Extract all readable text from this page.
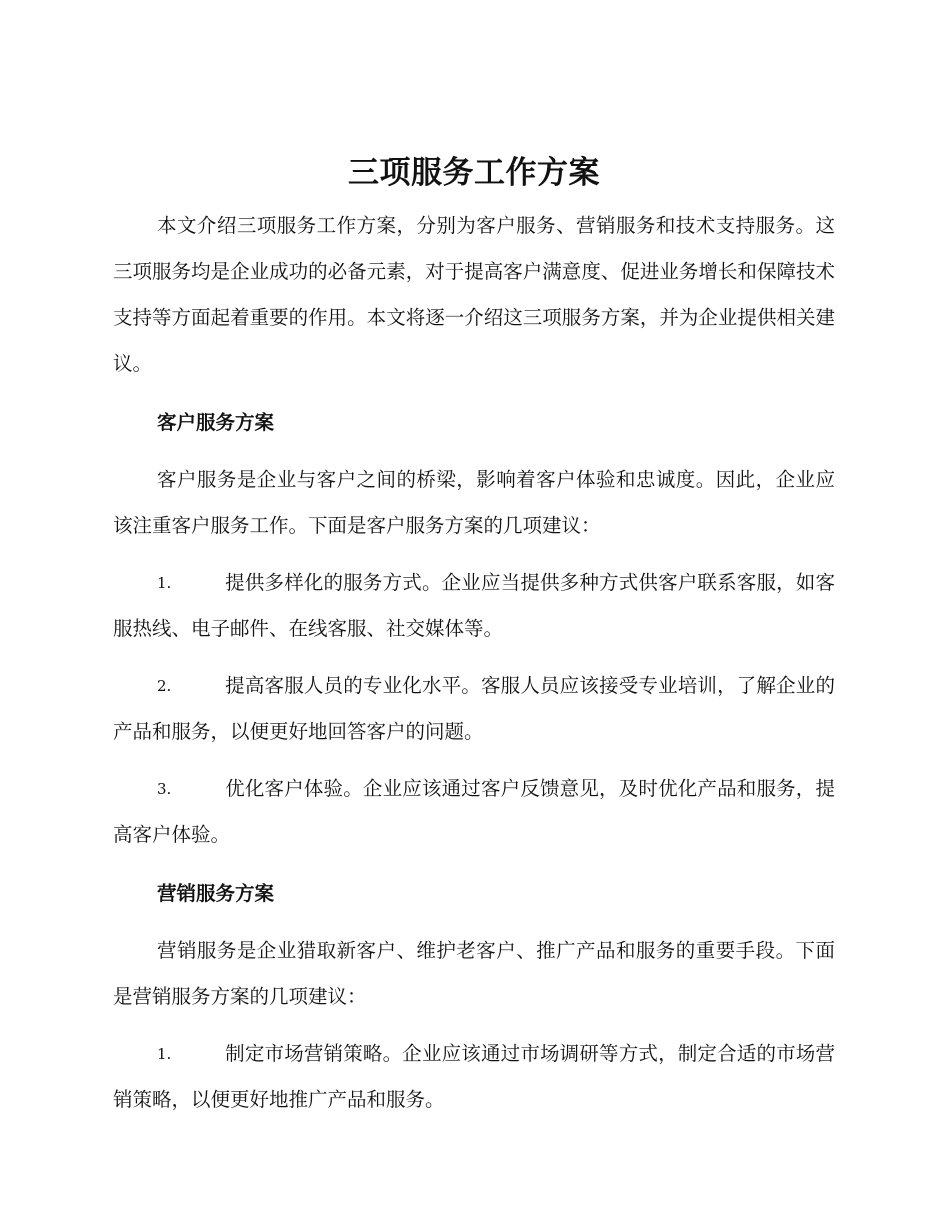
三项服务工作方案

本文介绍三项服务工作方案，分别为客户服务、营销服务和技术支持服务。这三项服务均是企业成功的必备元素，对于提高客户满意度、促进业务增长和保障技术支持等方面起着重要的作用。本文将逐一介绍这三项服务方案，并为企业提供相关建议。

客户服务方案

客户服务是企业与客户之间的桥梁，影响着客户体验和忠诚度。因此，企业应该注重客户服务工作。下面是客户服务方案的几项建议：

1.	提供多样化的服务方式。企业应当提供多种方式供客户联系客服，如客服热线、电子邮件、在线客服、社交媒体等。

2.	提高客服人员的专业化水平。客服人员应该接受专业培训，了解企业的产品和服务，以便更好地回答客户的问题。

3.	优化客户体验。企业应该通过客户反馈意见，及时优化产品和服务，提高客户体验。

营销服务方案

营销服务是企业猎取新客户、维护老客户、推广产品和服务的重要手段。下面是营销服务方案的几项建议：

1.	制定市场营销策略。企业应该通过市场调研等方式，制定合适的市场营销策略，以便更好地推广产品和服务。
